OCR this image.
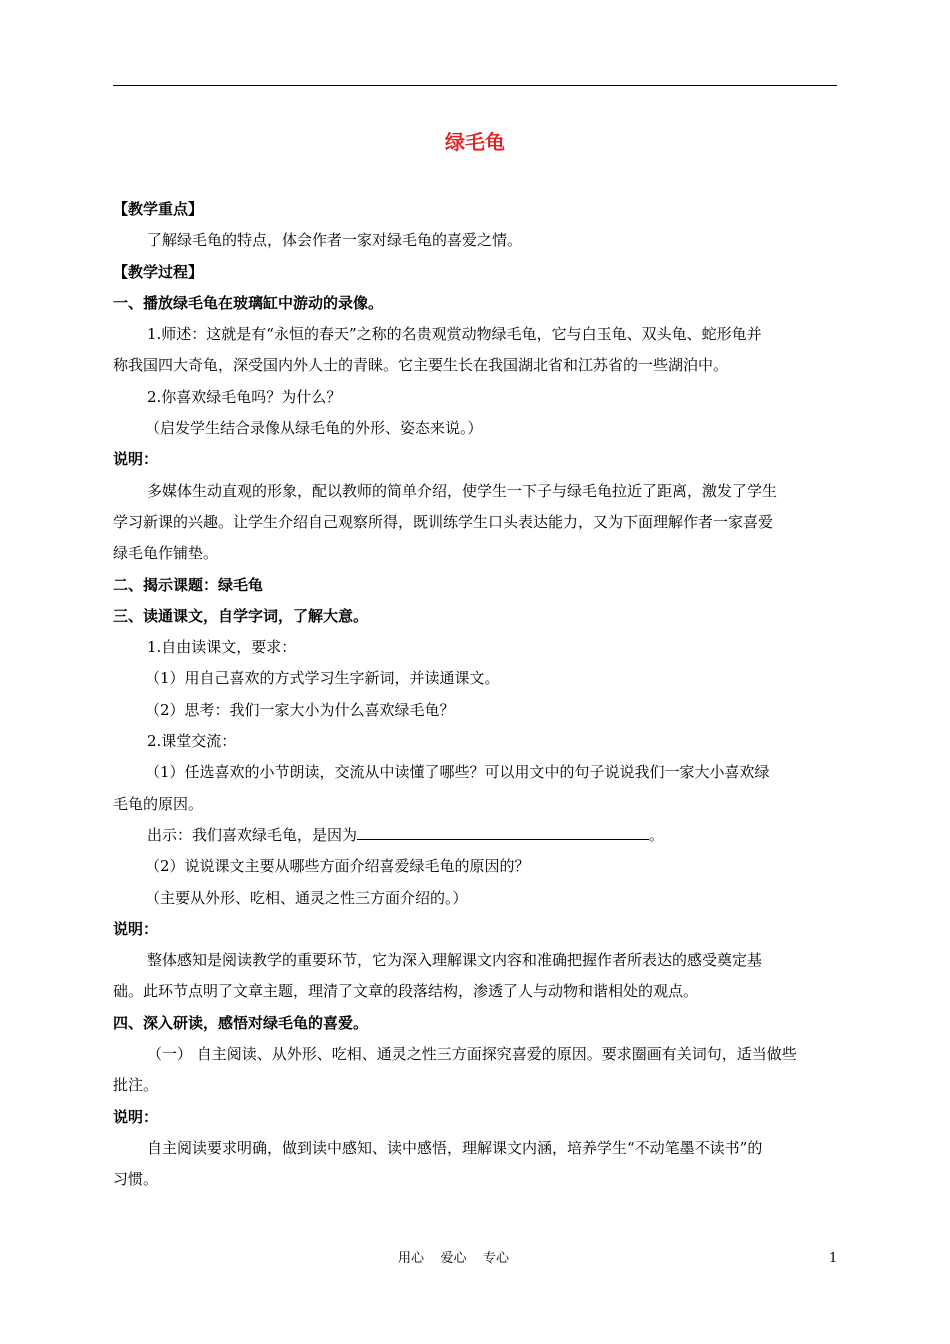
绿毛龟
【教学重点】
了解绿毛龟的特点，体会作者一家对绿毛龟的喜爱之情。
【教学过程】
一、播放绿毛龟在玻璃缸中游动的录像。
1.师述：这就是有“永恒的春天”之称的名贵观赏动物绿毛龟，它与白玉龟、双头龟、蛇形龟并
称我国四大奇龟，深受国内外人士的青睐。它主要生长在我国湖北省和江苏省的一些湖泊中。
2.你喜欢绿毛龟吗？为什么？
（启发学生结合录像从绿毛龟的外形、姿态来说。）
说明：
多媒体生动直观的形象，配以教师的简单介绍，使学生一下子与绿毛龟拉近了距离，激发了学生
学习新课的兴趣。让学生介绍自己观察所得，既训练学生口头表达能力，又为下面理解作者一家喜爱
绿毛龟作铺垫。
二、揭示课题：绿毛龟
三、读通课文，自学字词，了解大意。
1.自由读课文，要求：
（1）用自己喜欢的方式学习生字新词，并读通课文。
（2）思考：我们一家大小为什么喜欢绿毛龟？
2.课堂交流：
（1）任选喜欢的小节朗读，交流从中读懂了哪些？可以用文中的句子说说我们一家大小喜欢绿
毛龟的原因。
出示：我们喜欢绿毛龟，是因为	。
（2）说说课文主要从哪些方面介绍喜爱绿毛龟的原因的？
（主要从外形、吃相、通灵之性三方面介绍的。）
说明：
整体感知是阅读教学的重要环节，它为深入理解课文内容和准确把握作者所表达的感受奠定基
础。此环节点明了文章主题，理清了文章的段落结构，渗透了人与动物和谐相处的观点。
四、深入研读，感悟对绿毛龟的喜爱。
（一） 自主阅读、从外形、吃相、通灵之性三方面探究喜爱的原因。要求圈画有关词句，适当做些
批注。
说明：
自主阅读要求明确，做到读中感知、读中感悟，理解课文内涵，培养学生“不动笔墨不读书”的
习惯。
用心    爱心    专心	1
